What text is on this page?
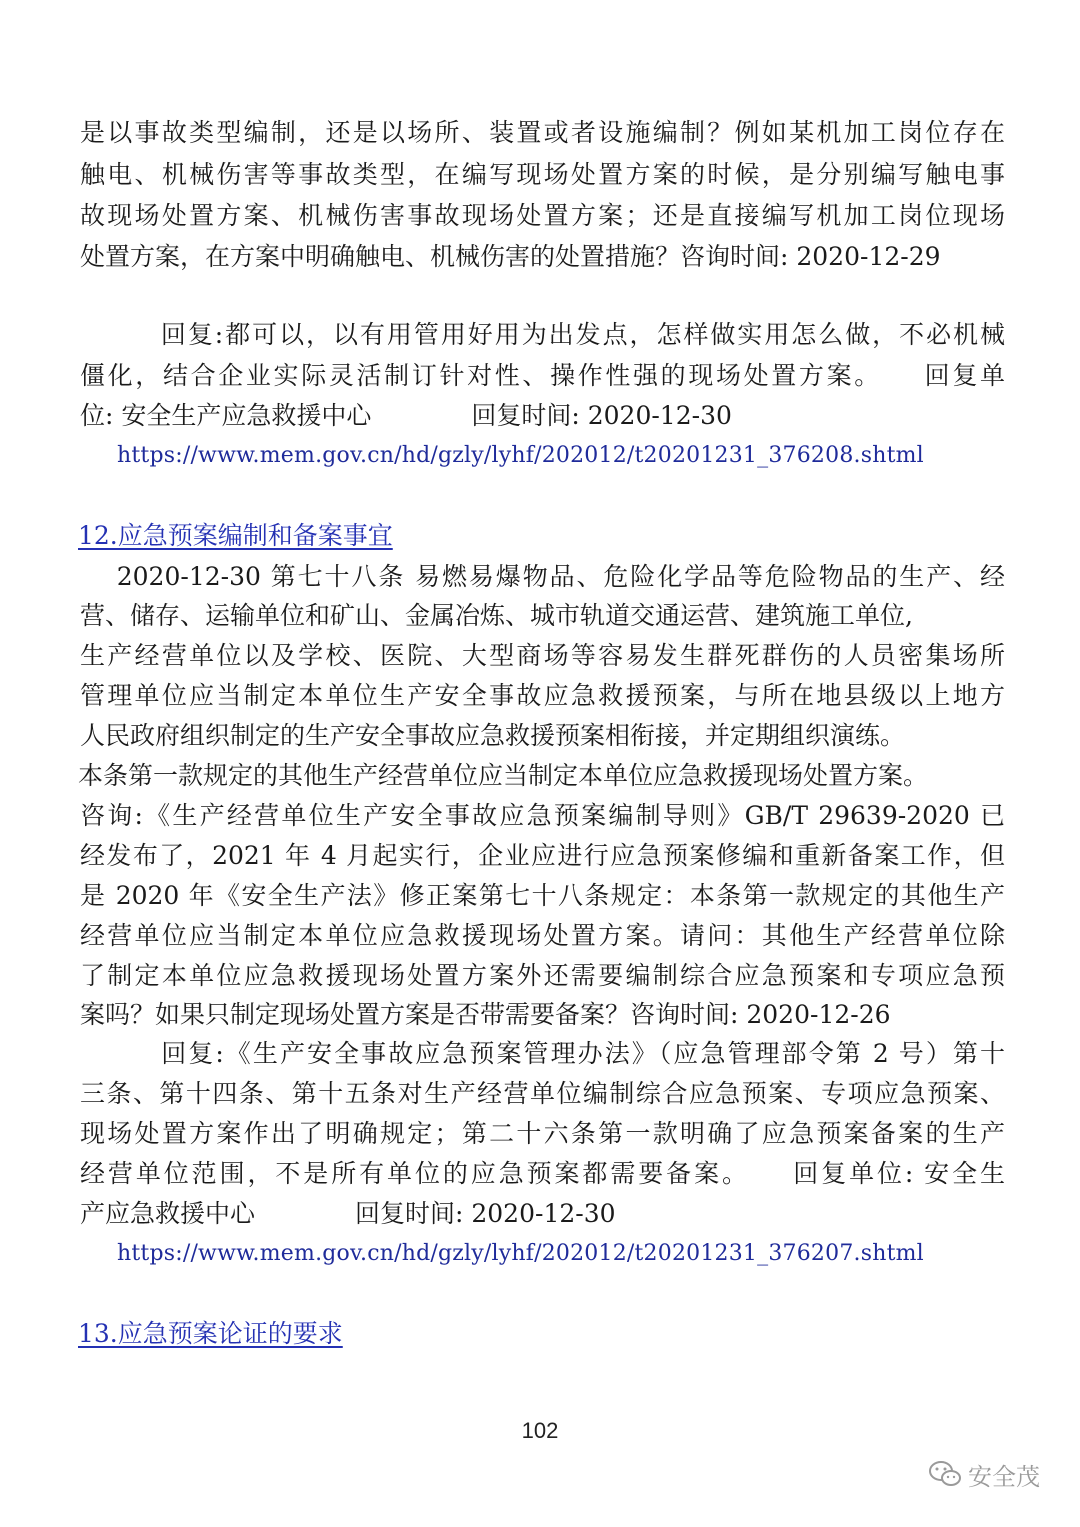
是以事故类型编制，还是以场所、装置或者设施编制？例如某机加工岗位存在
触电、机械伤害等事故类型，在编写现场处置方案的时候，是分别编写触电事
故现场处置方案、机械伤害事故现场处置方案；还是直接编写机加工岗位现场
处置方案，在方案中明确触电、机械伤害的处置措施？咨询时间: 2020-12-29
　　　回复:都可以，以有用管用好用为出发点，怎样做实用怎么做，不必机械
僵化，结合企业实际灵活制订针对性、操作性强的现场处置方案。　　回复单
位: 安全生产应急救援中心　　　　回复时间: 2020-12-30
https://www.mem.gov.cn/hd/gzly/lyhf/202012/t20201231_376208.shtml
12.应急预案编制和备案事宜
　 2020-12-30 第七十八条 易燃易爆物品、危险化学品等危险物品的生产、经
营、储存、运输单位和矿山、金属冶炼、城市轨道交通运营、建筑施工单位,
生产经营单位以及学校、医院、大型商场等容易发生群死群伤的人员密集场所
管理单位应当制定本单位生产安全事故应急救援预案，与所在地县级以上地方
人民政府组织制定的生产安全事故应急救援预案相衔接，并定期组织演练。
本条第一款规定的其他生产经营单位应当制定本单位应急救援现场处置方案。
咨询:《生产经营单位生产安全事故应急预案编制导则》GB/T 29639-2020 已
经发布了，2021 年 4 月起实行，企业应进行应急预案修编和重新备案工作，但
是 2020 年《安全生产法》修正案第七十八条规定：本条第一款规定的其他生产
经营单位应当制定本单位应急救援现场处置方案。请问：其他生产经营单位除
了制定本单位应急救援现场处置方案外还需要编制综合应急预案和专项应急预
案吗？如果只制定现场处置方案是否带需要备案？咨询时间: 2020-12-26
　　　回复:《生产安全事故应急预案管理办法》（应急管理部令第 2 号）第十
三条、第十四条、第十五条对生产经营单位编制综合应急预案、专项应急预案、
现场处置方案作出了明确规定；第二十六条第一款明确了应急预案备案的生产
经营单位范围，不是所有单位的应急预案都需要备案。　　回复单位: 安全生
产应急救援中心　　　　回复时间: 2020-12-30
https://www.mem.gov.cn/hd/gzly/lyhf/202012/t20201231_376207.shtml
13.应急预案论证的要求
102
安全茂
